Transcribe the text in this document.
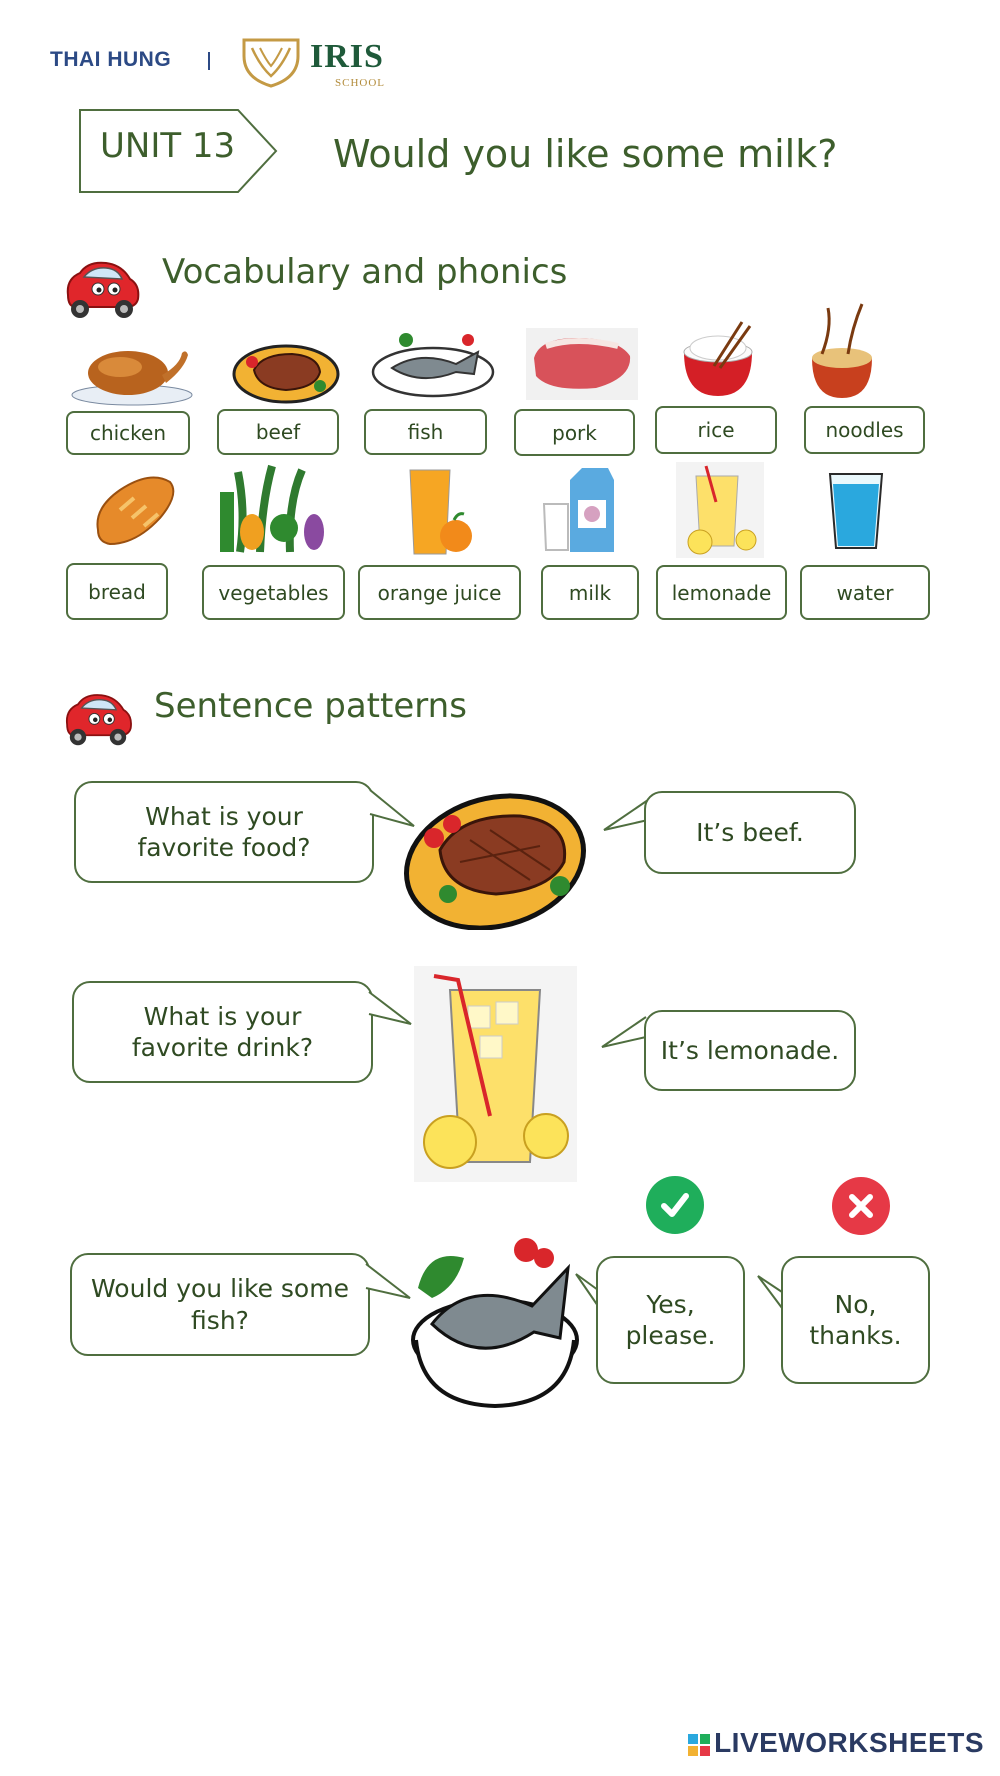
THAI HUNG	IRIS
SCHOOL
UNIT 13	Would you like some milk?
Vocabulary and phonics
chicken	beef	fish	pork	rice	noodles
bread	vegetables	orange juice	milk	lemonade	water
Sentence patterns
What is your
favorite food?
It’s beef.
What is your
favorite drink?	It’s lemonade.
Would you like some
fish?
Yes,
please.
No,
thanks.
LIVEWORKSHEETS
